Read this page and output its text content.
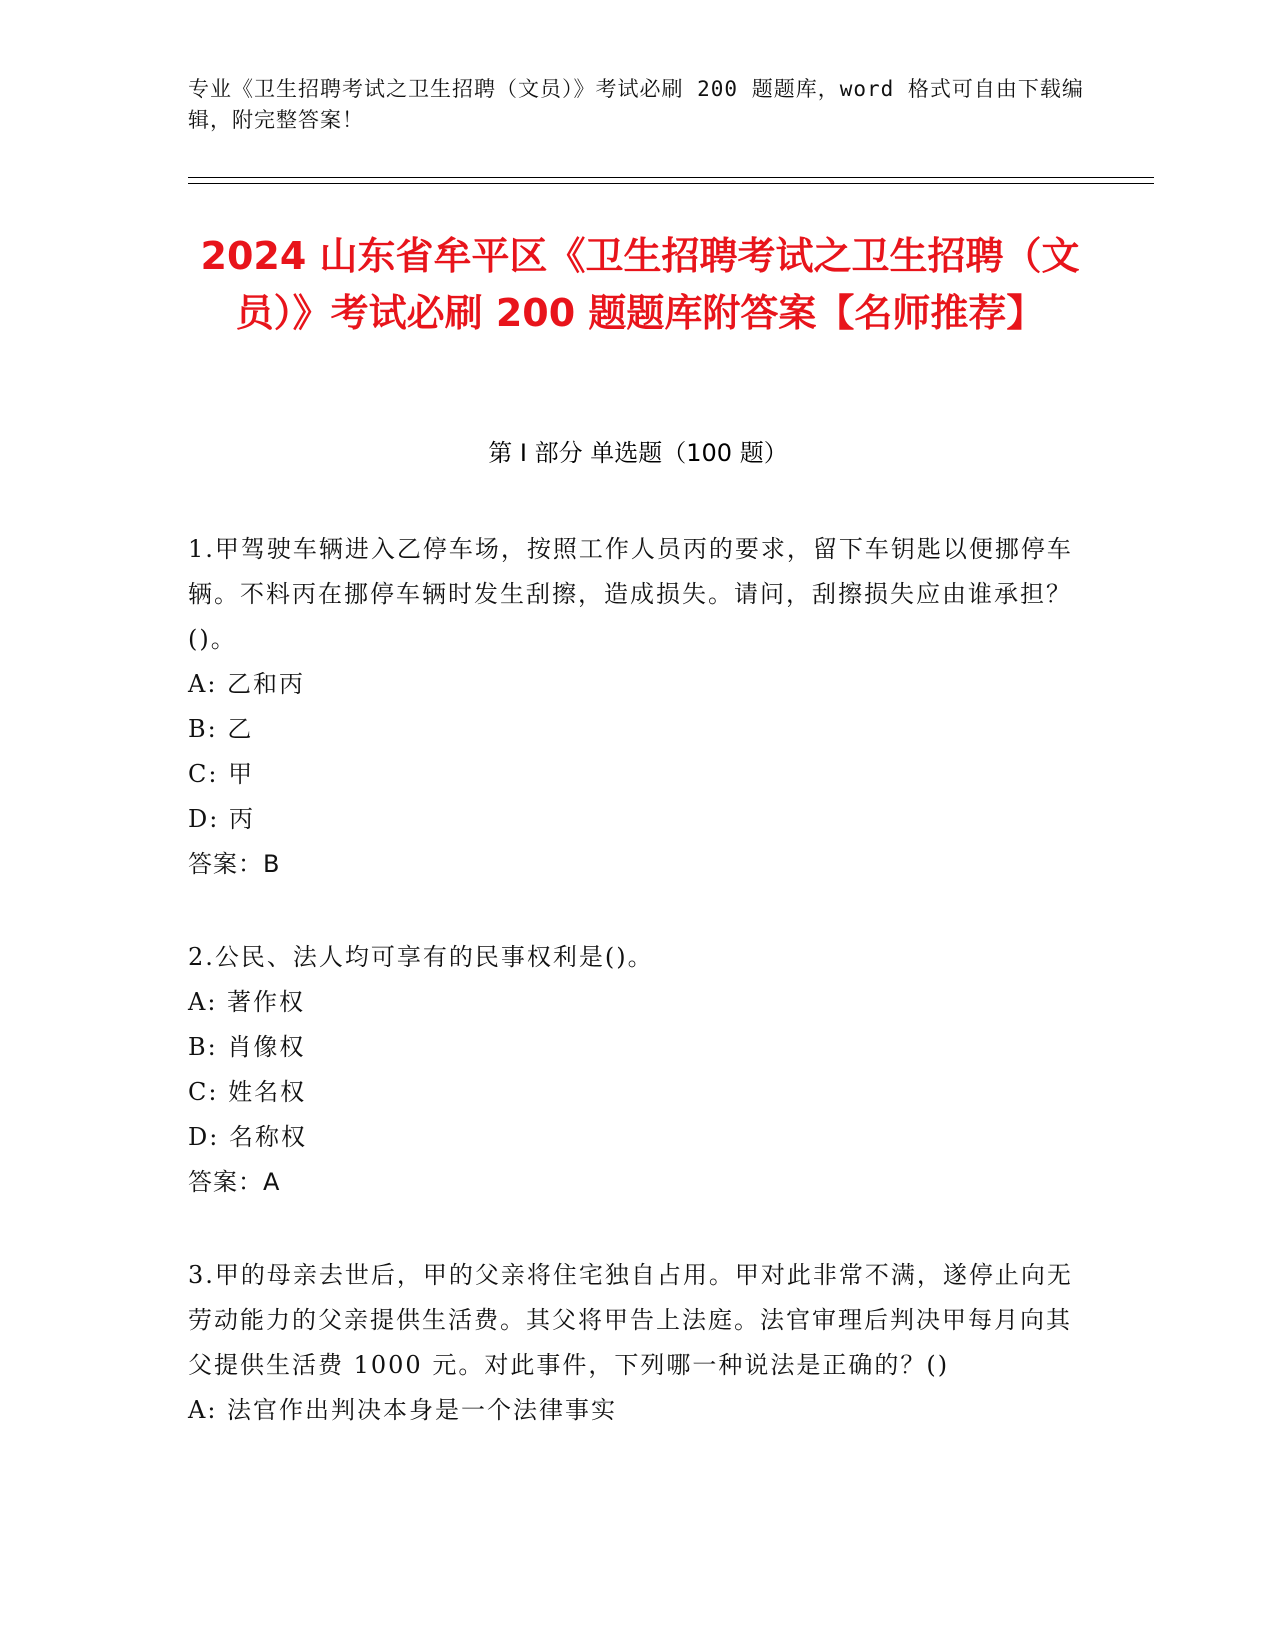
专业《卫生招聘考试之卫生招聘（文员）》考试必刷 200 题题库，word 格式可自由下载编辑，附完整答案！
2024 山东省牟平区《卫生招聘考试之卫生招聘（文员）》考试必刷 200 题题库附答案【名师推荐】
第 I 部分 单选题（100 题）

1.甲驾驶车辆进入乙停车场，按照工作人员丙的要求，留下车钥匙以便挪停车辆。不料丙在挪停车辆时发生刮擦，造成损失。请问，刮擦损失应由谁承担？()。

A: 乙和丙

B: 乙

C: 甲

D: 丙

答案：B

2.公民、法人均可享有的民事权利是()。

A: 著作权

B: 肖像权

C: 姓名权

D: 名称权

答案：A

3.甲的母亲去世后，甲的父亲将住宅独自占用。甲对此非常不满，遂停止向无劳动能力的父亲提供生活费。其父将甲告上法庭。法官审理后判决甲每月向其父提供生活费 1000 元。对此事件，下列哪一种说法是正确的？()

A: 法官作出判决本身是一个法律事实
